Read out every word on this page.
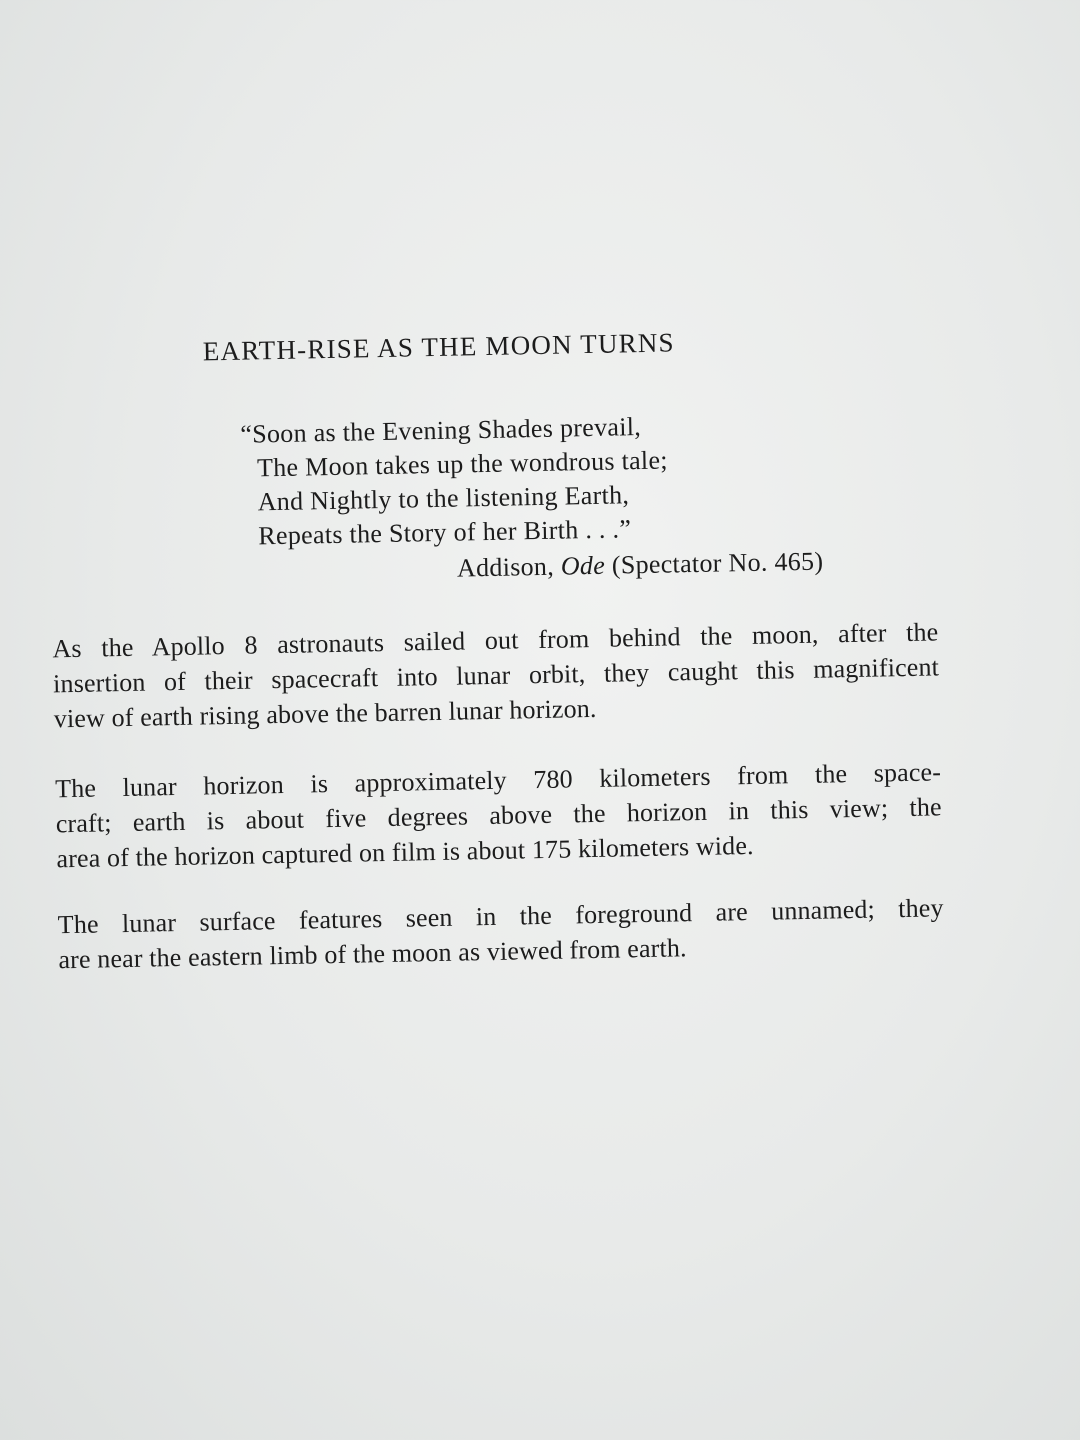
EARTH-RISE AS THE MOON TURNS
“Soon as the Evening Shades prevail,
The Moon takes up the wondrous tale;
And Nightly to the listening Earth,
Repeats the Story of her Birth . . .”
Addison, Ode (Spectator No. 465)

As the Apollo 8 astronauts sailed out from behind the moon, after the
insertion of their spacecraft into lunar orbit, they caught this magnificent
view of earth rising above the barren lunar horizon.

The lunar horizon is approximately 780 kilometers from the space-
craft; earth is about five degrees above the horizon in this view; the
area of the horizon captured on film is about 175 kilometers wide.

The lunar surface features seen in the foreground are unnamed; they
are near the eastern limb of the moon as viewed from earth.
